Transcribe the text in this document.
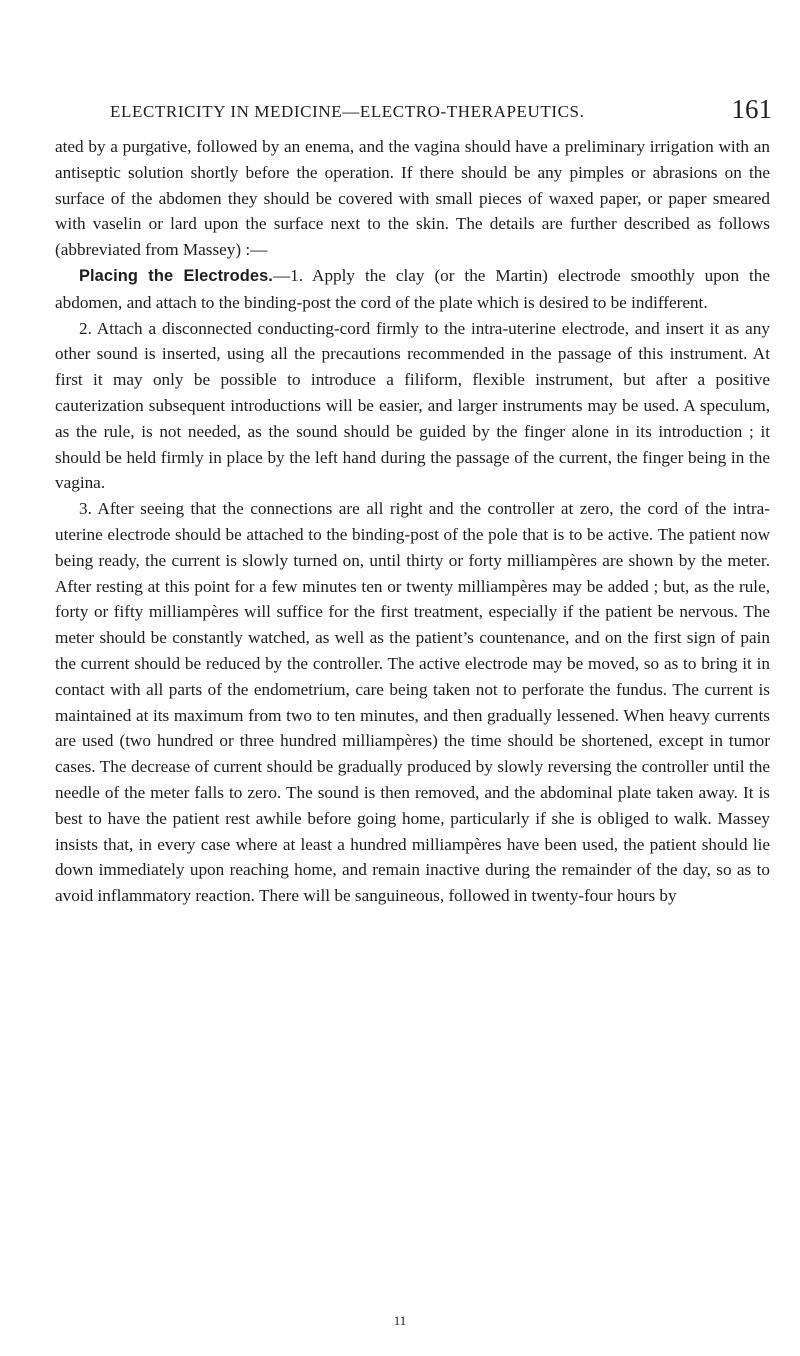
ELECTRICITY IN MEDICINE—ELECTRO-THERAPEUTICS.	161

ated by a purgative, followed by an enema, and the vagina should have a preliminary irrigation with an antiseptic solution shortly before the operation. If there should be any pimples or abrasions on the surface of the abdomen they should be covered with small pieces of waxed paper, or paper smeared with vaselin or lard upon the surface next to the skin. The details are further described as follows (abbreviated from Massey) :—

Placing the Electrodes.—1. Apply the clay (or the Martin) electrode smoothly upon the abdomen, and attach to the binding-post the cord of the plate which is desired to be indifferent.

2. Attach a disconnected conducting-cord firmly to the intra-uterine electrode, and insert it as any other sound is inserted, using all the precautions recommended in the passage of this instrument. At first it may only be possible to introduce a filiform, flexible instrument, but after a positive cauterization subsequent introductions will be easier, and larger instruments may be used. A speculum, as the rule, is not needed, as the sound should be guided by the finger alone in its introduction ; it should be held firmly in place by the left hand during the passage of the current, the finger being in the vagina.

3. After seeing that the connections are all right and the controller at zero, the cord of the intra-uterine electrode should be attached to the binding-post of the pole that is to be active. The patient now being ready, the current is slowly turned on, until thirty or forty milliampères are shown by the meter. After resting at this point for a few minutes ten or twenty milliampères may be added ; but, as the rule, forty or fifty milliampères will suffice for the first treatment, especially if the patient be nervous. The meter should be constantly watched, as well as the patient’s countenance, and on the first sign of pain the current should be reduced by the controller. The active electrode may be moved, so as to bring it in contact with all parts of the endometrium, care being taken not to perforate the fundus. The current is maintained at its maximum from two to ten minutes, and then gradually lessened. When heavy currents are used (two hundred or three hundred milliampères) the time should be shortened, except in tumor cases. The decrease of current should be gradually produced by slowly reversing the controller until the needle of the meter falls to zero. The sound is then removed, and the abdominal plate taken away. It is best to have the patient rest awhile before going home, particularly if she is obliged to walk. Massey insists that, in every case where at least a hundred milliampères have been used, the patient should lie down immediately upon reaching home, and remain inactive during the remainder of the day, so as to avoid inflammatory reaction. There will be sanguineous, followed in twenty-four hours by

11
